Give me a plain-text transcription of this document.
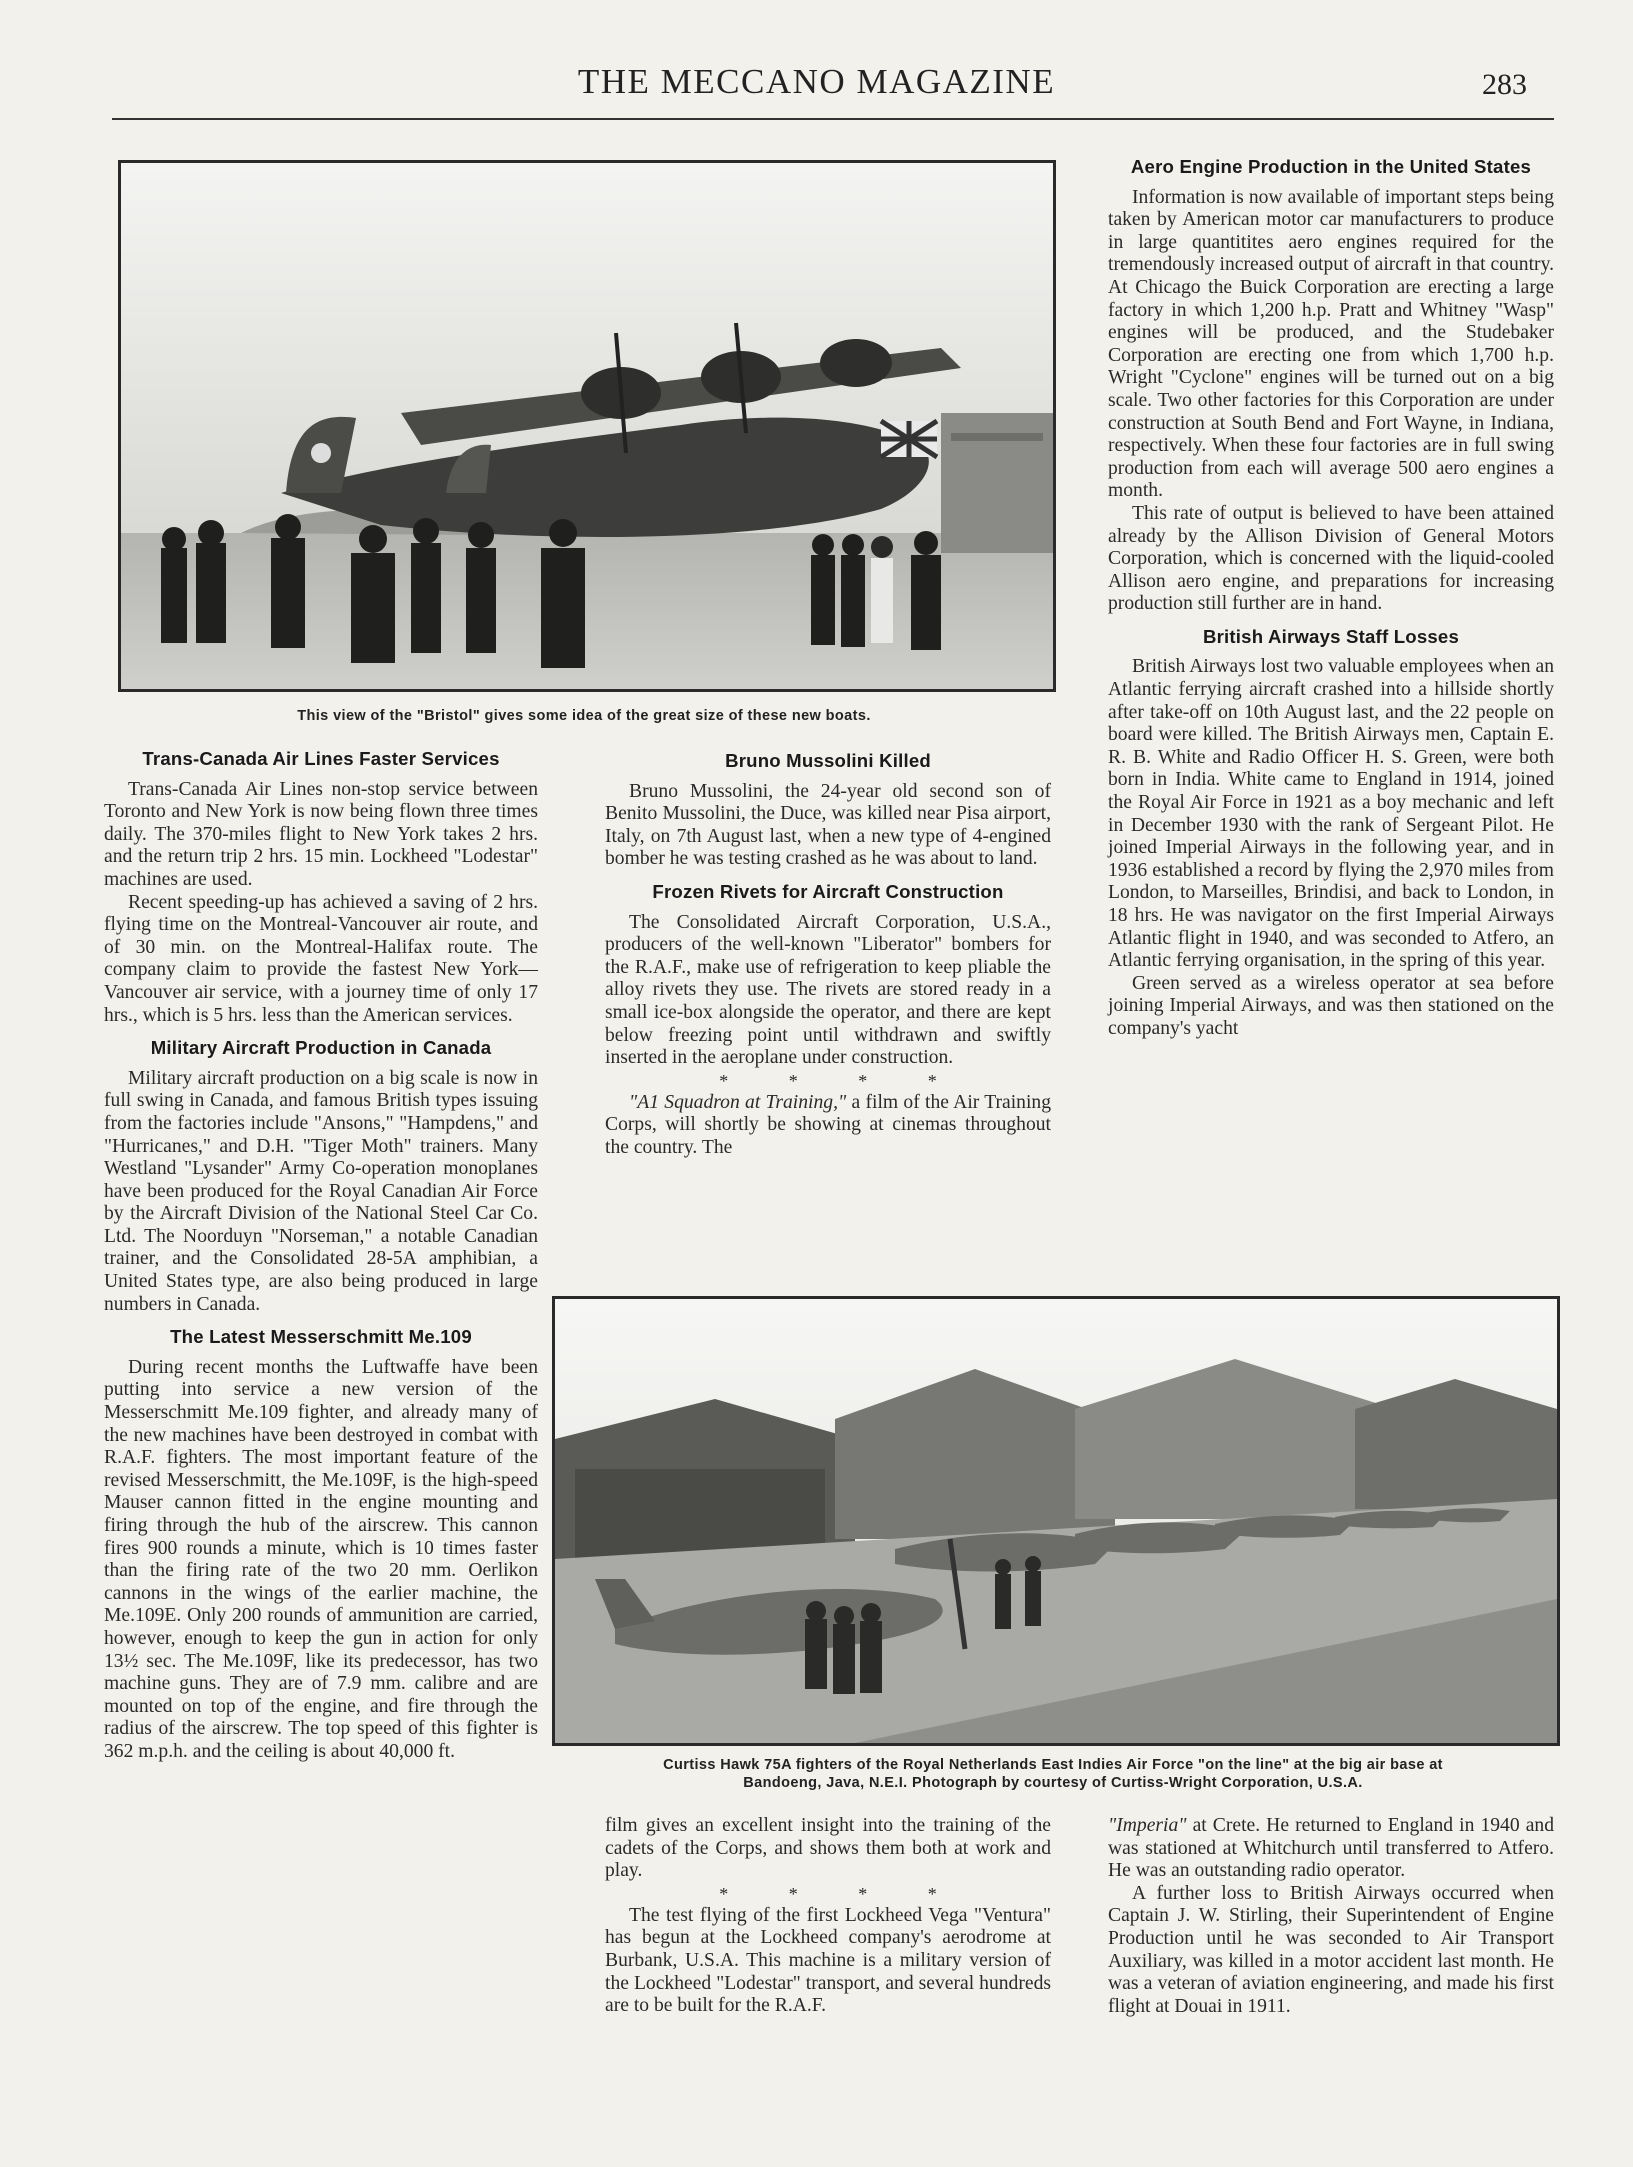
THE MECCANO MAGAZINE	283
This view of the "Bristol" gives some idea of the great size of these new boats.
Trans-Canada Air Lines Faster Services

Trans-Canada Air Lines non-stop service between Toronto and New York is now being flown three times daily. The 370-miles flight to New York takes 2 hrs. and the return trip 2 hrs. 15 min. Lockheed "Lodestar" machines are used.

Recent speeding-up has achieved a saving of 2 hrs. flying time on the Montreal-Vancouver air route, and of 30 min. on the Montreal-Halifax route. The company claim to provide the fastest New York—Vancouver air service, with a journey time of only 17 hrs., which is 5 hrs. less than the American services.

Military Aircraft Production in Canada

Military aircraft production on a big scale is now in full swing in Canada, and famous British types issuing from the factories include "Ansons," "Hampdens," and "Hurricanes," and D.H. "Tiger Moth" trainers. Many Westland "Lysander" Army Co-operation monoplanes have been produced for the Royal Canadian Air Force by the Aircraft Division of the National Steel Car Co. Ltd. The Noorduyn "Norseman," a notable Canadian trainer, and the Consolidated 28-5A amphibian, a United States type, are also being produced in large numbers in Canada.

The Latest Messerschmitt Me.109

During recent months the Luftwaffe have been putting into service a new version of the Messerschmitt Me.109 fighter, and already many of the new machines have been destroyed in combat with R.A.F. fighters. The most important feature of the revised Messerschmitt, the Me.109F, is the high-speed Mauser cannon fitted in the engine mounting and firing through the hub of the airscrew. This cannon fires 900 rounds a minute, which is 10 times faster than the firing rate of the two 20 mm. Oerlikon cannons in the wings of the earlier machine, the Me.109E. Only 200 rounds of ammunition are carried, however, enough to keep the gun in action for only 13½ sec. The Me.109F, like its predecessor, has two machine guns. They are of 7.9 mm. calibre and are mounted on top of the engine, and fire through the radius of the airscrew. The top speed of this fighter is 362 m.p.h. and the ceiling is about 40,000 ft.

Bruno Mussolini Killed

Bruno Mussolini, the 24-year old second son of Benito Mussolini, the Duce, was killed near Pisa airport, Italy, on 7th August last, when a new type of 4-engined bomber he was testing crashed as he was about to land.

Frozen Rivets for Aircraft Construction

The Consolidated Aircraft Corporation, U.S.A., producers of the well-known "Liberator" bombers for the R.A.F., make use of refrigeration to keep pliable the alloy rivets they use. The rivets are stored ready in a small ice-box alongside the operator, and there are kept below freezing point until withdrawn and swiftly inserted in the aeroplane under construction.

* * * *

"A1 Squadron at Training," a film of the Air Training Corps, will shortly be showing at cinemas throughout the country. The

Aero Engine Production in the United States

Information is now available of important steps being taken by American motor car manufacturers to produce in large quantitites aero engines required for the tremendously increased output of aircraft in that country. At Chicago the Buick Corporation are erecting a large factory in which 1,200 h.p. Pratt and Whitney "Wasp" engines will be produced, and the Studebaker Corporation are erecting one from which 1,700 h.p. Wright "Cyclone" engines will be turned out on a big scale. Two other factories for this Corporation are under construction at South Bend and Fort Wayne, in Indiana, respectively. When these four factories are in full swing production from each will average 500 aero engines a month.

This rate of output is believed to have been attained already by the Allison Division of General Motors Corporation, which is concerned with the liquid-cooled Allison aero engine, and preparations for increasing production still further are in hand.

British Airways Staff Losses

British Airways lost two valuable employees when an Atlantic ferrying aircraft crashed into a hillside shortly after take-off on 10th August last, and the 22 people on board were killed. The British Airways men, Captain E. R. B. White and Radio Officer H. S. Green, were both born in India. White came to England in 1914, joined the Royal Air Force in 1921 as a boy mechanic and left in December 1930 with the rank of Sergeant Pilot. He joined Imperial Airways in the following year, and in 1936 established a record by flying the 2,970 miles from London, to Marseilles, Brindisi, and back to London, in 18 hrs. He was navigator on the first Imperial Airways Atlantic flight in 1940, and was seconded to Atfero, an Atlantic ferrying organisation, in the spring of this year.

Green served as a wireless operator at sea before joining Imperial Airways, and was then stationed on the company's yacht

Curtiss Hawk 75A fighters of the Royal Netherlands East Indies Air Force "on the line" at the big air base at
Bandoeng, Java, N.E.I. Photograph by courtesy of Curtiss-Wright Corporation, U.S.A.

film gives an excellent insight into the training of the cadets of the Corps, and shows them both at work and play.

* * * *

The test flying of the first Lockheed Vega "Ventura" has begun at the Lockheed company's aerodrome at Burbank, U.S.A. This machine is a military version of the Lockheed "Lodestar" transport, and several hundreds are to be built for the R.A.F.

"Imperia" at Crete. He returned to England in 1940 and was stationed at Whitchurch until transferred to Atfero. He was an outstanding radio operator.

A further loss to British Airways occurred when Captain J. W. Stirling, their Superintendent of Engine Production until he was seconded to Air Transport Auxiliary, was killed in a motor accident last month. He was a veteran of aviation engineering, and made his first flight at Douai in 1911.
